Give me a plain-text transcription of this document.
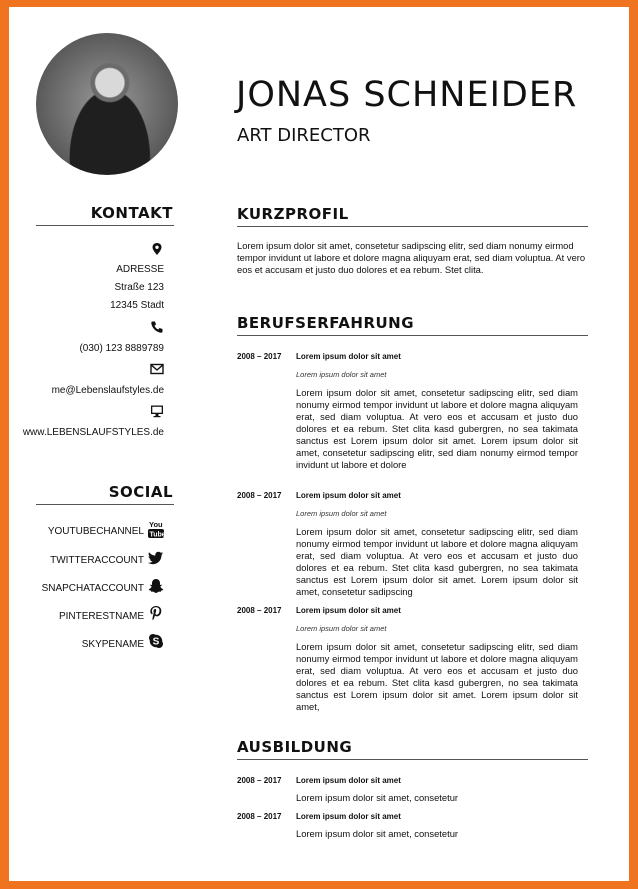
JONAS SCHNEIDER
ART DIRECTOR
KONTAKT
ADRESSE
Straße 123
12345 Stadt
(030) 123 8889789
me@Lebenslaufstyles.de
www.LEBENSLAUFSTYLES.de
SOCIAL
You
Tube
YOUTUBECHANNEL
TWITTERACCOUNT
SNAPCHATACCOUNT
PINTERESTNAME
S
SKYPENAME
KURZPROFIL
Lorem ipsum dolor sit amet, consetetur sadipscing elitr, sed diam nonumy eirmod tempor invidunt ut labore et dolore magna aliquyam erat, sed diam voluptua. At vero eos et accusam et justo duo dolores et ea rebum. Stet clita.
BERUFSERFAHRUNG
2008 – 2017 Lorem ipsum dolor sit amet
Lorem ipsum dolor sit amet
Lorem ipsum dolor sit amet, consetetur sadipscing elitr, sed diam nonumy eirmod tempor invidunt ut labore et dolore magna aliquyam erat, sed diam voluptua. At vero eos et accusam et justo duo dolores et ea rebum. Stet clita kasd gubergren, no sea takimata sanctus est Lorem ipsum dolor sit amet. Lorem ipsum dolor sit amet, consetetur sadipscing elitr, sed diam nonumy eirmod tempor invidunt ut labore et dolore
2008 – 2017 Lorem ipsum dolor sit amet
Lorem ipsum dolor sit amet
Lorem ipsum dolor sit amet, consetetur sadipscing elitr, sed diam nonumy eirmod tempor invidunt ut labore et dolore magna aliquyam erat, sed diam voluptua. At vero eos et accusam et justo duo dolores et ea rebum. Stet clita kasd gubergren, no sea takimata sanctus est Lorem ipsum dolor sit amet. Lorem ipsum dolor sit amet, consetetur sadipscing
2008 – 2017 Lorem ipsum dolor sit amet
Lorem ipsum dolor sit amet
Lorem ipsum dolor sit amet, consetetur sadipscing elitr, sed diam nonumy eirmod tempor invidunt ut labore et dolore magna aliquyam erat, sed diam voluptua. At vero eos et accusam et justo duo dolores et ea rebum. Stet clita kasd gubergren, no sea takimata sanctus est Lorem ipsum dolor sit amet. Lorem ipsum dolor sit amet,
AUSBILDUNG
2008 – 2017 Lorem ipsum dolor sit amet
Lorem ipsum dolor sit amet, consetetur
2008 – 2017 Lorem ipsum dolor sit amet
Lorem ipsum dolor sit amet, consetetur
